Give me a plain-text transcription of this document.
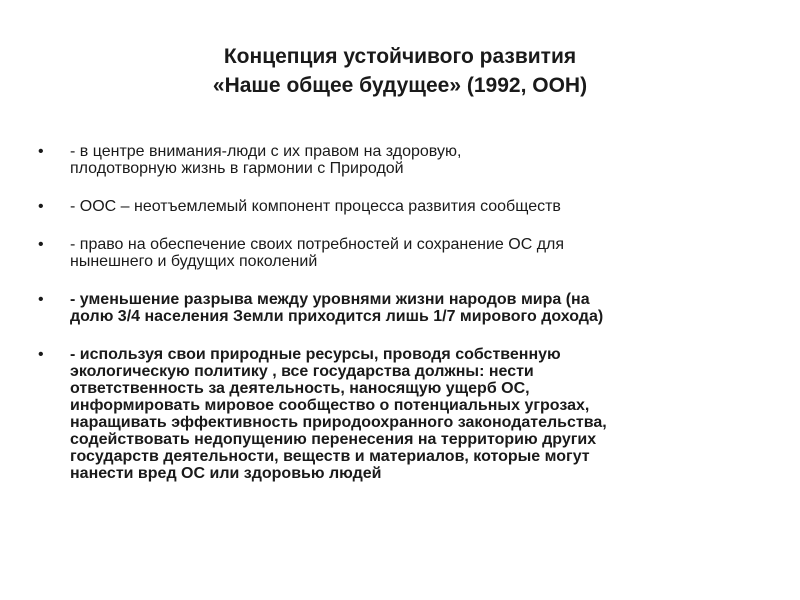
Концепция устойчивого развития
«Наше общее будущее» (1992, ООН)
• - в центре внимания-люди с их правом на здоровую,
плодотворную жизнь в гармонии с Природой
• - ООС – неотъемлемый компонент процесса развития сообществ
• - право на обеспечение своих потребностей и сохранение ОС для
нынешнего и будущих поколений
• - уменьшение разрыва между уровнями жизни народов мира (на
долю 3/4 населения Земли приходится лишь 1/7 мирового дохода)
• - используя свои природные ресурсы, проводя собственную
экологическую политику , все государства должны: нести
ответственность за деятельность, наносящую ущерб ОС,
информировать мировое сообщество о потенциальных угрозах,
наращивать эффективность природоохранного законодательства,
содействовать недопущению перенесения на территорию других
государств деятельности, веществ и материалов, которые могут
нанести вред ОС или здоровью людей
